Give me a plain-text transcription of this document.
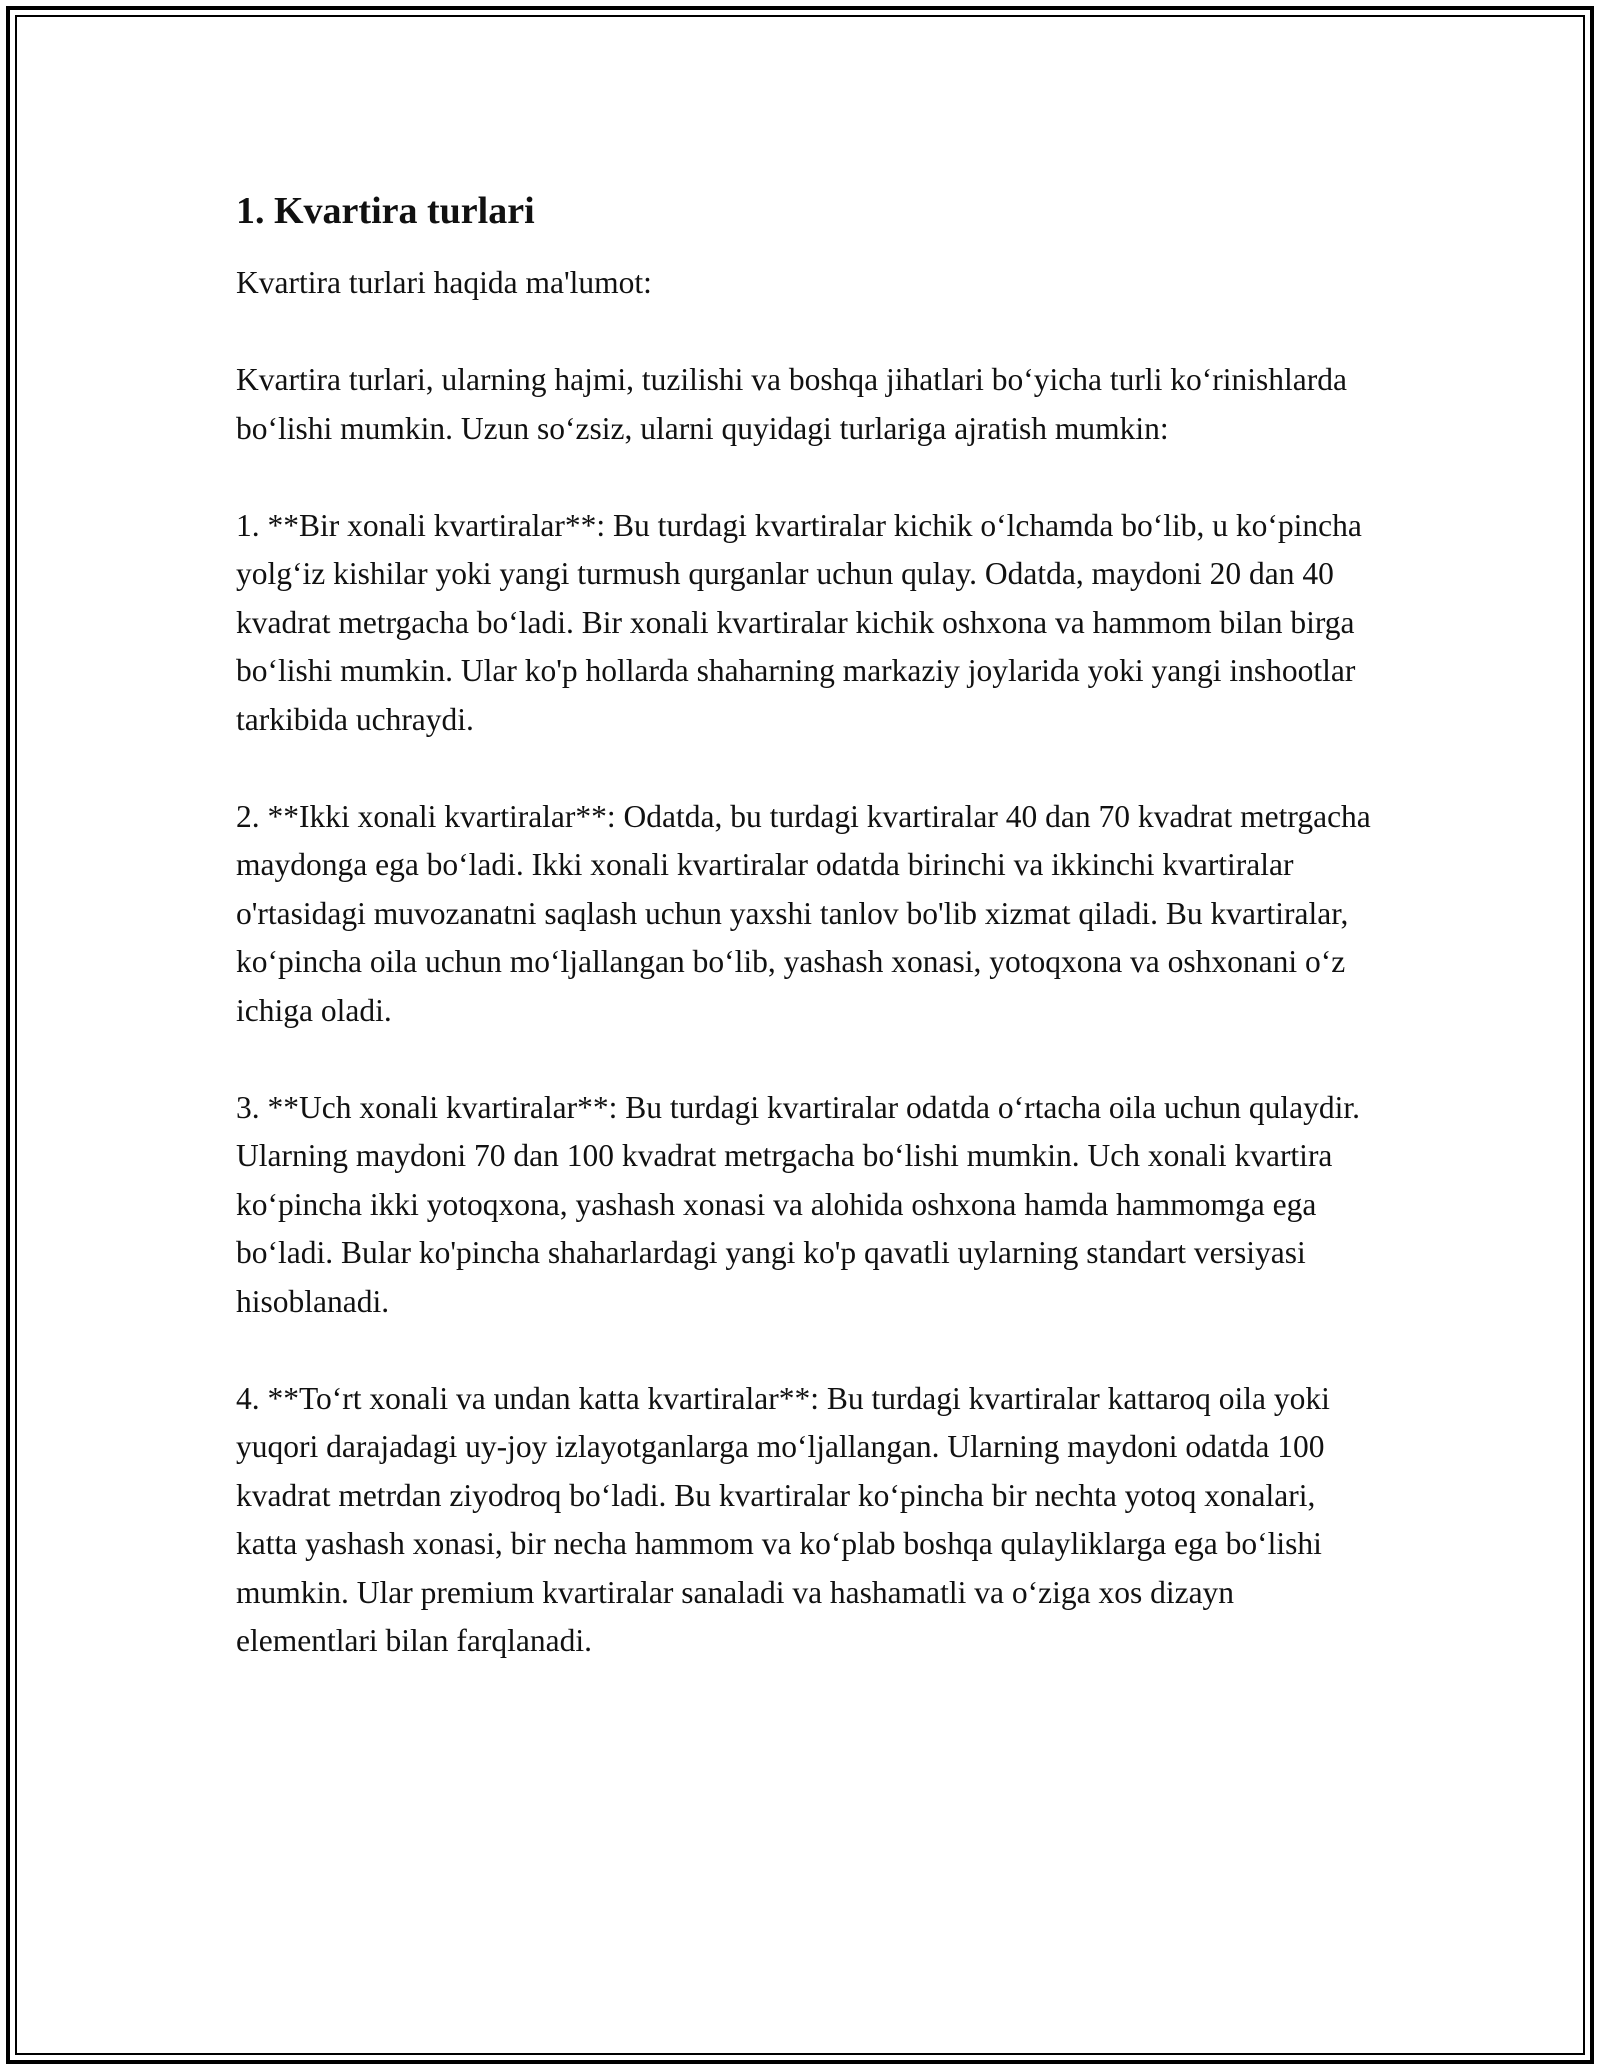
1. Kvartira turlari

Kvartira turlari haqida ma'lumot:

Kvartira turlari, ularning hajmi, tuzilishi va boshqa jihatlari bo‘yicha turli ko‘rinishlarda bo‘lishi mumkin. Uzun so‘zsiz, ularni quyidagi turlariga ajratish mumkin:

1. **Bir xonali kvartiralar**: Bu turdagi kvartiralar kichik o‘lchamda bo‘lib, u ko‘pincha yolg‘iz kishilar yoki yangi turmush qurganlar uchun qulay. Odatda, maydoni 20 dan 40 kvadrat metrgacha bo‘ladi. Bir xonali kvartiralar kichik oshxona va hammom bilan birga bo‘lishi mumkin. Ular ko'p hollarda shaharning markaziy joylarida yoki yangi inshootlar tarkibida uchraydi.

2. **Ikki xonali kvartiralar**: Odatda, bu turdagi kvartiralar 40 dan 70 kvadrat metrgacha maydonga ega bo‘ladi. Ikki xonali kvartiralar odatda birinchi va ikkinchi kvartiralar o'rtasidagi muvozanatni saqlash uchun yaxshi tanlov bo'lib xizmat qiladi. Bu kvartiralar, ko‘pincha oila uchun mo‘ljallangan bo‘lib, yashash xonasi, yotoqxona va oshxonani o‘z ichiga oladi.

3. **Uch xonali kvartiralar**: Bu turdagi kvartiralar odatda o‘rtacha oila uchun qulaydir. Ularning maydoni 70 dan 100 kvadrat metrgacha bo‘lishi mumkin. Uch xonali kvartira ko‘pincha ikki yotoqxona, yashash xonasi va alohida oshxona hamda hammomga ega bo‘ladi. Bular ko'pincha shaharlardagi yangi ko'p qavatli uylarning standart versiyasi hisoblanadi.

4. **To‘rt xonali va undan katta kvartiralar**: Bu turdagi kvartiralar kattaroq oila yoki yuqori darajadagi uy-joy izlayotganlarga mo‘ljallangan. Ularning maydoni odatda 100 kvadrat metrdan ziyodroq bo‘ladi. Bu kvartiralar ko‘pincha bir nechta yotoq xonalari, katta yashash xonasi, bir necha hammom va ko‘plab boshqa qulayliklarga ega bo‘lishi mumkin. Ular premium kvartiralar sanaladi va hashamatli va o‘ziga xos dizayn elementlari bilan farqlanadi.
